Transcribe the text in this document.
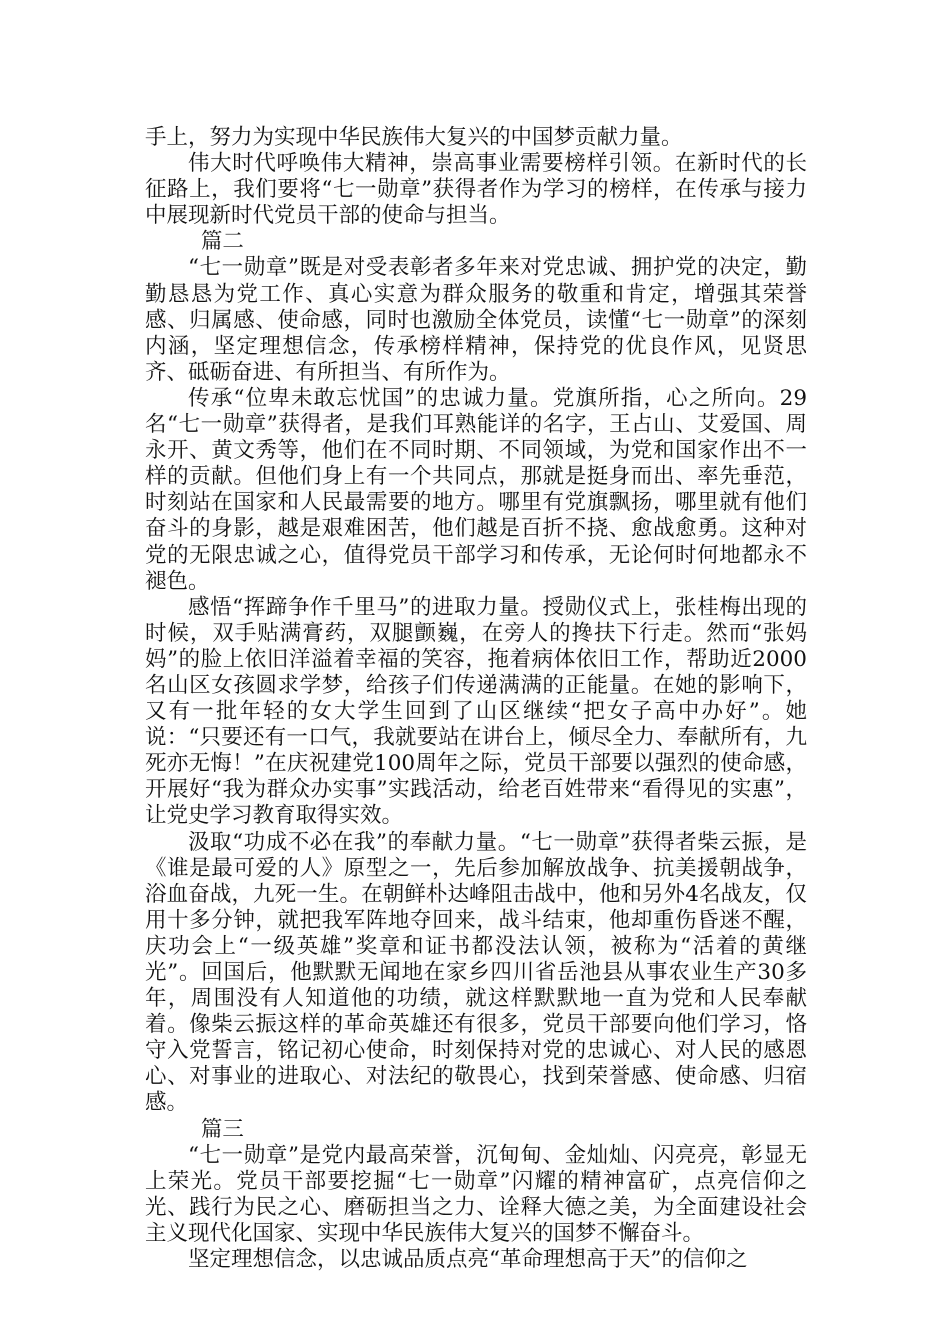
手上，努力为实现中华民族伟大复兴的中国梦贡献力量。

伟大时代呼唤伟大精神，崇高事业需要榜样引领。在新时代的长征路上，我们要将“七一勋章”获得者作为学习的榜样，在传承与接力中展现新时代党员干部的使命与担当。

篇二

“七一勋章”既是对受表彰者多年来对党忠诚、拥护党的决定，勤勤恳恳为党工作、真心实意为群众服务的敬重和肯定，增强其荣誉感、归属感、使命感，同时也激励全体党员，读懂“七一勋章”的深刻内涵，坚定理想信念，传承榜样精神，保持党的优良作风，见贤思齐、砥砺奋进、有所担当、有所作为。

传承“位卑未敢忘忧国”的忠诚力量。党旗所指，心之所向。29名“七一勋章”获得者，是我们耳熟能详的名字，王占山、艾爱国、周永开、黄文秀等，他们在不同时期、不同领域，为党和国家作出不一样的贡献。但他们身上有一个共同点，那就是挺身而出、率先垂范，时刻站在国家和人民最需要的地方。哪里有党旗飘扬，哪里就有他们奋斗的身影，越是艰难困苦，他们越是百折不挠、愈战愈勇。这种对党的无限忠诚之心，值得党员干部学习和传承，无论何时何地都永不褪色。

感悟“挥蹄争作千里马”的进取力量。授勋仪式上，张桂梅出现的时候，双手贴满膏药，双腿颤巍，在旁人的搀扶下行走。然而“张妈妈”的脸上依旧洋溢着幸福的笑容，拖着病体依旧工作，帮助近2000名山区女孩圆求学梦，给孩子们传递满满的正能量。在她的影响下，又有一批年轻的女大学生回到了山区继续“把女子高中办好”。她说：“只要还有一口气，我就要站在讲台上，倾尽全力、奉献所有，九死亦无悔！”在庆祝建党100周年之际，党员干部要以强烈的使命感，开展好“我为群众办实事”实践活动，给老百姓带来“看得见的实惠”，让党史学习教育取得实效。

汲取“功成不必在我”的奉献力量。“七一勋章”获得者柴云振，是《谁是最可爱的人》原型之一，先后参加解放战争、抗美援朝战争，浴血奋战，九死一生。在朝鲜朴达峰阻击战中，他和另外4名战友，仅用十多分钟，就把我军阵地夺回来，战斗结束，他却重伤昏迷不醒，庆功会上“一级英雄”奖章和证书都没法认领，被称为“活着的黄继光”。回国后，他默默无闻地在家乡四川省岳池县从事农业生产30多年，周围没有人知道他的功绩，就这样默默地一直为党和人民奉献着。像柴云振这样的革命英雄还有很多，党员干部要向他们学习，恪守入党誓言，铭记初心使命，时刻保持对党的忠诚心、对人民的感恩心、对事业的进取心、对法纪的敬畏心，找到荣誉感、使命感、归宿感。

篇三

“七一勋章”是党内最高荣誉，沉甸甸、金灿灿、闪亮亮，彰显无上荣光。党员干部要挖掘“七一勋章”闪耀的精神富矿，点亮信仰之光、践行为民之心、磨砺担当之力、诠释大德之美，为全面建设社会主义现代化国家、实现中华民族伟大复兴的国梦不懈奋斗。

坚定理想信念，以忠诚品质点亮“革命理想高于天”的信仰之
